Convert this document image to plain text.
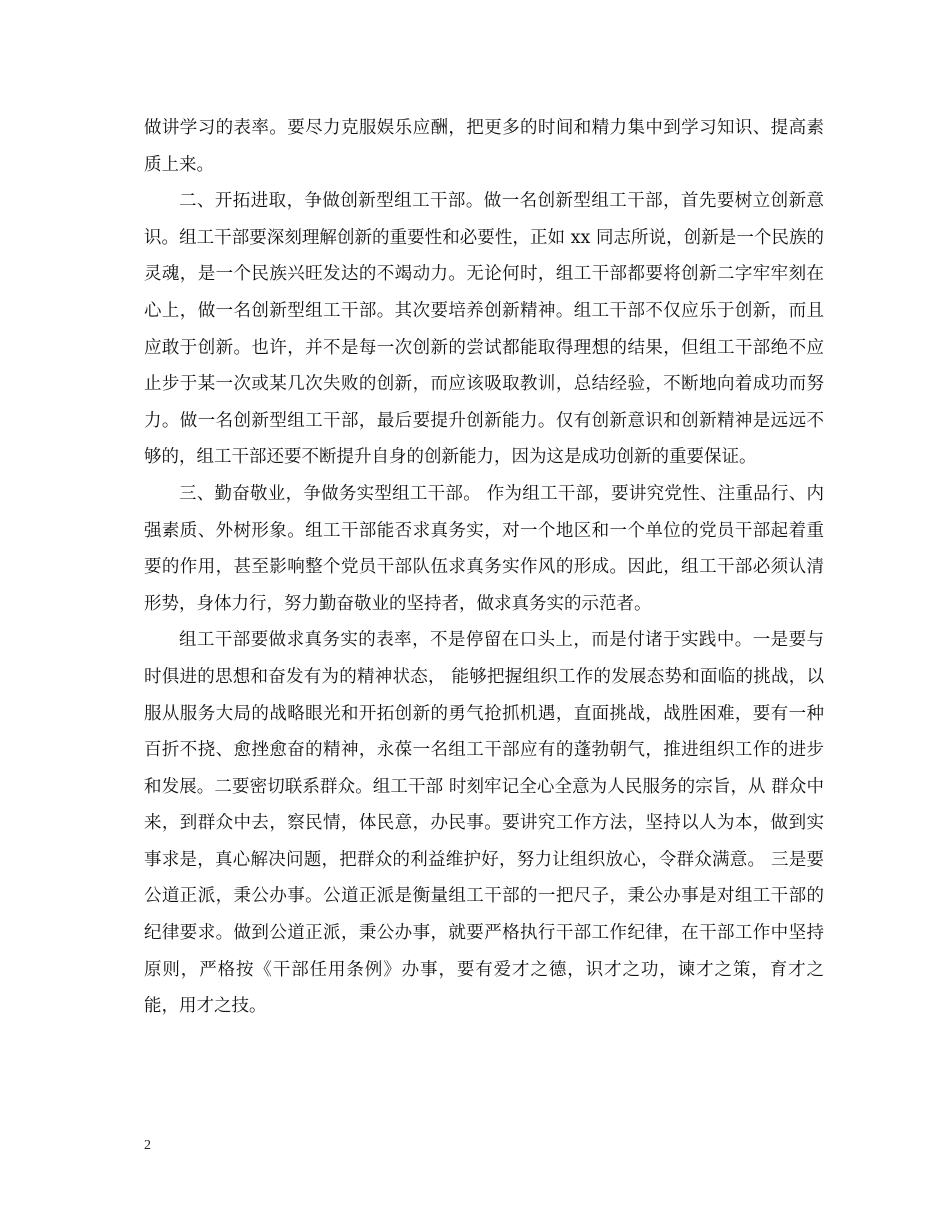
做讲学习的表率。要尽力克服娱乐应酬，把更多的时间和精力集中到学习知识、提高素质上来。

二、开拓进取，争做创新型组工干部。做一名创新型组工干部，首先要树立创新意识。组工干部要深刻理解创新的重要性和必要性，正如 xx 同志所说，创新是一个民族的灵魂，是一个民族兴旺发达的不竭动力。无论何时，组工干部都要将创新二字牢牢刻在心上，做一名创新型组工干部。其次要培养创新精神。组工干部不仅应乐于创新，而且应敢于创新。也许，并不是每一次创新的尝试都能取得理想的结果，但组工干部绝不应止步于某一次或某几次失败的创新，而应该吸取教训，总结经验，不断地向着成功而努力。做一名创新型组工干部，最后要提升创新能力。仅有创新意识和创新精神是远远不够的，组工干部还要不断提升自身的创新能力，因为这是成功创新的重要保证。

三、勤奋敬业，争做务实型组工干部。 作为组工干部，要讲究党性、注重品行、内强素质、外树形象。组工干部能否求真务实，对一个地区和一个单位的党员干部起着重要的作用，甚至影响整个党员干部队伍求真务实作风的形成。因此，组工干部必须认清形势，身体力行，努力勤奋敬业的坚持者，做求真务实的示范者。

组工干部要做求真务实的表率，不是停留在口头上，而是付诸于实践中。一是要与时俱进的思想和奋发有为的精神状态， 能够把握组织工作的发展态势和面临的挑战，以服从服务大局的战略眼光和开拓创新的勇气抢抓机遇，直面挑战，战胜困难，要有一种百折不挠、愈挫愈奋的精神，永葆一名组工干部应有的蓬勃朝气，推进组织工作的进步和发展。二要密切联系群众。组工干部 时刻牢记全心全意为人民服务的宗旨，从 群众中来，到群众中去，察民情，体民意，办民事。要讲究工作方法，坚持以人为本，做到实事求是，真心解决问题，把群众的利益维护好，努力让组织放心，令群众满意。 三是要公道正派，秉公办事。公道正派是衡量组工干部的一把尺子，秉公办事是对组工干部的纪律要求。做到公道正派，秉公办事，就要严格执行干部工作纪律，在干部工作中坚持原则，严格按《干部任用条例》办事，要有爱才之德，识才之功，谏才之策，育才之能，用才之技。

2
